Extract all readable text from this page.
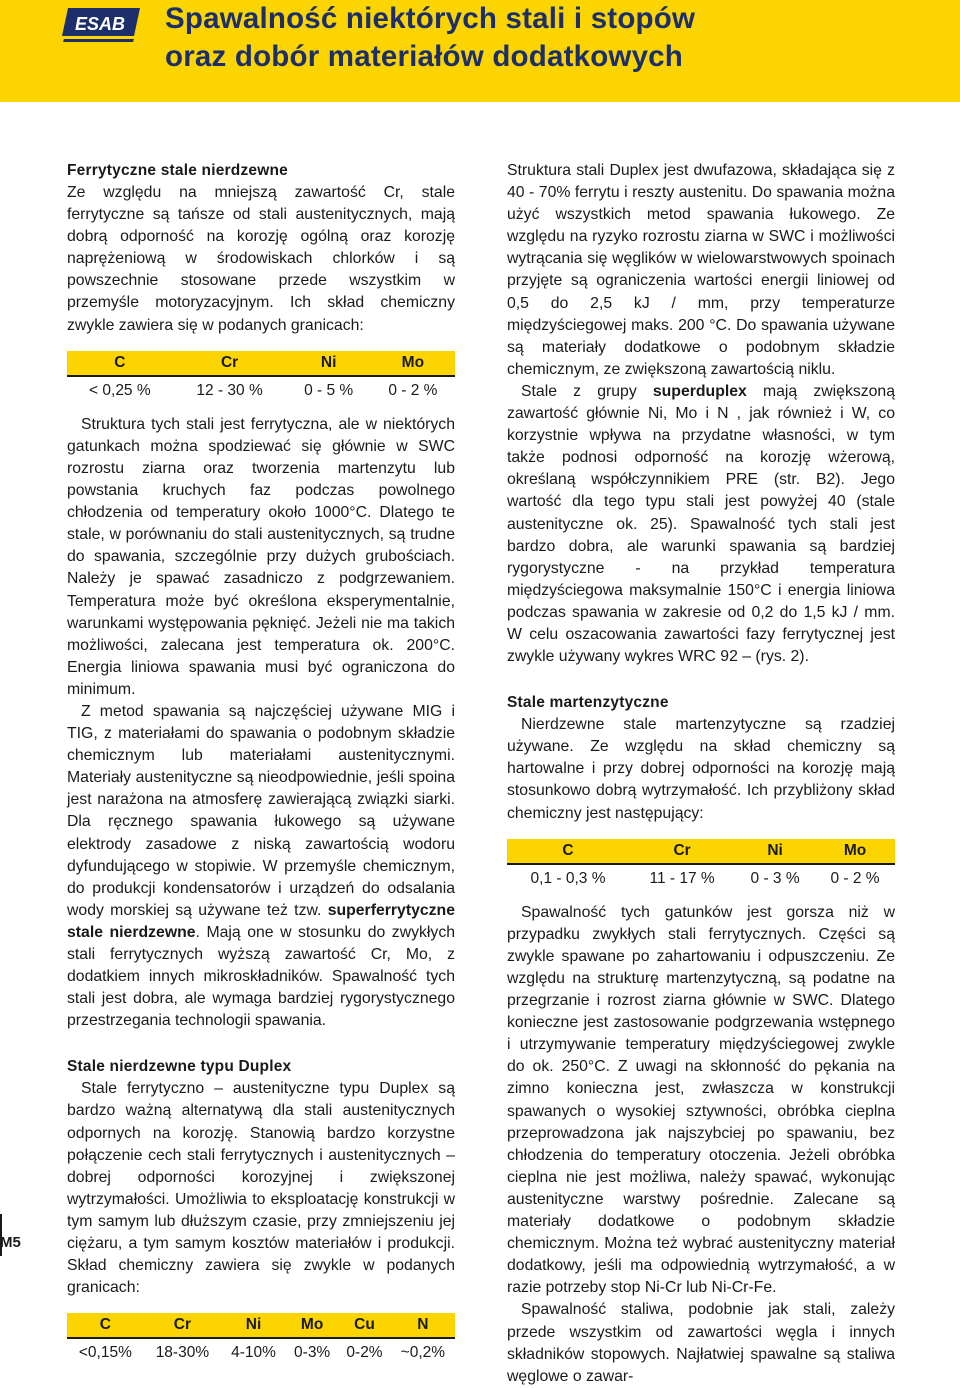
ESAB Spawalność niektórych stali i stopów
oraz dobór materiałów dodatkowych
Ferrytyczne stale nierdzewne

Ze względu na mniejszą zawartość Cr, stale ferrytyczne są tańsze od stali austenitycznych, mają dobrą odporność na korozję ogólną oraz korozję naprężeniową w środowiskach chlorków i są powszechnie stosowane przede wszystkim w przemyśle motoryzacyjnym. Ich skład chemiczny zwykle zawiera się w podanych granicach:

C	Cr	Ni	Mo
< 0,25 %	12 - 30 %	0 - 5 %	0 - 2 %

Struktura tych stali jest ferrytyczna, ale w niektórych gatunkach można spodziewać się głównie w SWC rozrostu ziarna oraz tworzenia martenzytu lub powstania kruchych faz podczas powolnego chłodzenia od temperatury około 1000°C. Dlatego te stale, w porównaniu do stali austenitycznych, są trudne do spawania, szczególnie przy dużych grubościach. Należy je spawać zasadniczo z podgrzewaniem. Temperatura może być określona eksperymentalnie, warunkami występowania pęknięć. Jeżeli nie ma takich możliwości, zalecana jest temperatura ok. 200°C. Energia liniowa spawania musi być ograniczona do minimum.

Z metod spawania są najczęściej używane MIG i TIG, z materiałami do spawania o podobnym składzie chemicznym lub materiałami austenitycznymi. Materiały austenityczne są nieodpowiednie, jeśli spoina jest narażona na atmosferę zawierającą związki siarki. Dla ręcznego spawania łukowego są używane elektrody zasadowe z niską zawartością wodoru dyfundującego w stopiwie. W przemyśle chemicznym, do produkcji kondensatorów i urządzeń do odsalania wody morskiej są używane też tzw. superferrytyczne stale nierdzewne. Mają one w stosunku do zwykłych stali ferrytycznych wyższą zawartość Cr, Mo, z dodatkiem innych mikroskładników. Spawalność tych stali jest dobra, ale wymaga bardziej rygorystycznego przestrzegania technologii spawania.

Stale nierdzewne typu Duplex

Stale ferrytyczno – austenityczne typu Duplex są bardzo ważną alternatywą dla stali austenitycznych odpornych na korozję. Stanowią bardzo korzystne połączenie cech stali ferrytycznych i austenitycznych – dobrej odporności korozyjnej i zwiększonej wytrzymałości. Umożliwia to eksploatację konstrukcji w tym samym lub dłuższym czasie, przy zmniejszeniu jej ciężaru, a tym samym kosztów materiałów i produkcji. Skład chemiczny zawiera się zwykle w podanych granicach:

C	Cr	Ni	Mo	Cu	N
<0,15%	18-30%	4-10%	0-3%	0-2%	~0,2%

Struktura stali Duplex jest dwufazowa, składająca się z 40 - 70% ferrytu i reszty austenitu. Do spawania można użyć wszystkich metod spawania łukowego. Ze względu na ryzyko rozrostu ziarna w SWC i możliwości wytrącania się węglików w wielowarstwowych spoinach przyjęte są ograniczenia wartości energii liniowej od 0,5 do 2,5 kJ / mm, przy temperaturze międzyściegowej maks. 200 °C. Do spawania używane są materiały dodatkowe o podobnym składzie chemicznym, ze zwiększoną zawartością niklu.

Stale z grupy superduplex mają zwiększoną zawartość głównie Ni, Mo i N , jak również i W, co korzystnie wpływa na przydatne własności, w tym także podnosi odporność na korozję wżerową, określaną współczynnikiem PRE (str. B2). Jego wartość dla tego typu stali jest powyżej 40 (stale austenityczne ok. 25). Spawalność tych stali jest bardzo dobra, ale warunki spawania są bardziej rygorystyczne - na przykład temperatura międzyściegowa maksymalnie 150°C i energia liniowa podczas spawania w zakresie od 0,2 do 1,5 kJ / mm. W celu oszacowania zawartości fazy ferrytycznej jest zwykle używany wykres WRC 92 – (rys. 2).

Stale martenzytyczne

Nierdzewne stale martenzytyczne są rzadziej używane. Ze względu na skład chemiczny są hartowalne i przy dobrej odporności na korozję mają stosunkowo dobrą wytrzymałość. Ich przybliżony skład chemiczny jest następujący:

C	Cr	Ni	Mo
0,1 - 0,3 %	11 - 17 %	0 - 3 %	0 - 2 %

Spawalność tych gatunków jest gorsza niż w przypadku zwykłych stali ferrytycznych. Części są zwykle spawane po zahartowaniu i odpuszczeniu. Ze względu na strukturę martenzytyczną, są podatne na przegrzanie i rozrost ziarna głównie w SWC. Dlatego konieczne jest zastosowanie podgrzewania wstępnego i utrzymywanie temperatury międzyściegowej zwykle do ok. 250°C. Z uwagi na skłonność do pękania na zimno konieczna jest, zwłaszcza w konstrukcji spawanych o wysokiej sztywności, obróbka cieplna przeprowadzona jak najszybciej po spawaniu, bez chłodzenia do temperatury otoczenia. Jeżeli obróbka cieplna nie jest możliwa, należy spawać, wykonując austenityczne warstwy pośrednie. Zalecane są materiały dodatkowe o podobnym składzie chemicznym. Można też wybrać austenityczny materiał dodatkowy, jeśli ma odpowiednią wytrzymałość, a w razie potrzeby stop Ni-Cr lub Ni-Cr-Fe.

Spawalność staliwa, podobnie jak stali, zależy przede wszystkim od zawartości węgla i innych składników stopowych. Najłatwiej spawalne są staliwa węglowe o zawar-

M5
